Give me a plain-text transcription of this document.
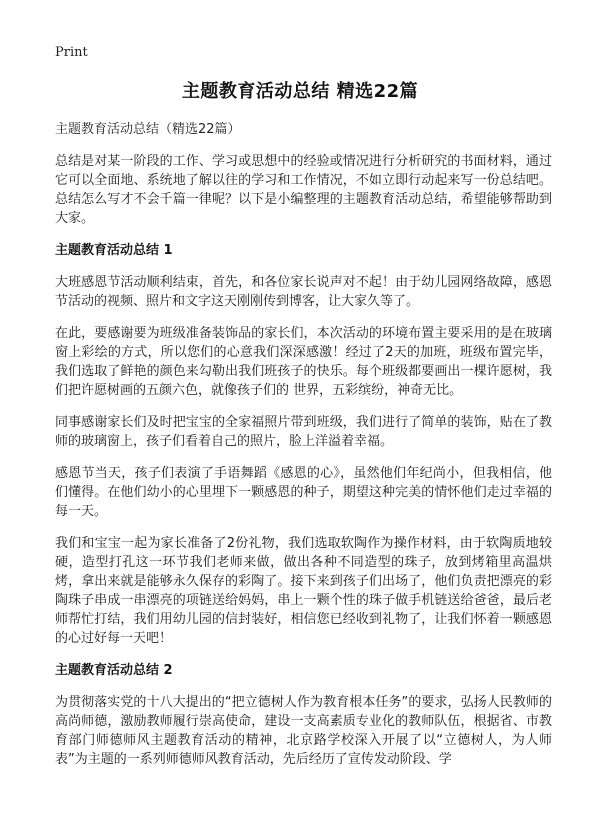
Print
主题教育活动总结 精选22篇
主题教育活动总结（精选22篇）

总结是对某一阶段的工作、学习或思想中的经验或情况进行分析研究的书面材料，通过它可以全面地、系统地了解以往的学习和工作情况，不如立即行动起来写一份总结吧。总结怎么写才不会千篇一律呢？以下是小编整理的主题教育活动总结，希望能够帮助到大家。

主题教育活动总结 1

大班感恩节活动顺利结束，首先，和各位家长说声对不起！由于幼儿园网络故障，感恩节活动的视频、照片和文字这天刚刚传到博客，让大家久等了。

在此，要感谢要为班级准备装饰品的家长们，本次活动的环境布置主要采用的是在玻璃窗上彩绘的方式，所以您们的心意我们深深感激！经过了2天的加班，班级布置完毕，我们选取了鲜艳的颜色来勾勒出我们班孩子的快乐。每个班级都要画出一棵许愿树，我们把许愿树画的五颜六色，就像孩子们的 世界，五彩缤纷，神奇无比。

同事感谢家长们及时把宝宝的全家福照片带到班级，我们进行了简单的装饰，贴在了教师的玻璃窗上，孩子们看着自己的照片，脸上洋溢着幸福。

感恩节当天，孩子们表演了手语舞蹈《感恩的心》，虽然他们年纪尚小，但我相信，他们懂得。在他们幼小的心里埋下一颗感恩的种子，期望这种完美的情怀他们走过幸福的每一天。

我们和宝宝一起为家长准备了2份礼物，我们选取软陶作为操作材料，由于软陶质地较硬，造型打孔这一环节我们老师来做，做出各种不同造型的珠子，放到烤箱里高温烘烤，拿出来就是能够永久保存的彩陶了。接下来到孩子们出场了，他们负责把漂亮的彩陶珠子串成一串漂亮的项链送给妈妈，串上一颗个性的珠子做手机链送给爸爸，最后老师帮忙打结，我们用幼儿园的信封装好，相信您已经收到礼物了，让我们怀着一颗感恩的心过好每一天吧！

主题教育活动总结 2

为贯彻落实党的十八大提出的“把立德树人作为教育根本任务”的要求，弘扬人民教师的高尚师德，激励教师履行崇高使命，建设一支高素质专业化的教师队伍，根据省、市教育部门师德师风主题教育活动的精神，北京路学校深入开展了以“立德树人，为人师表”为主题的一系列师德师风教育活动，先后经历了宣传发动阶段、学
